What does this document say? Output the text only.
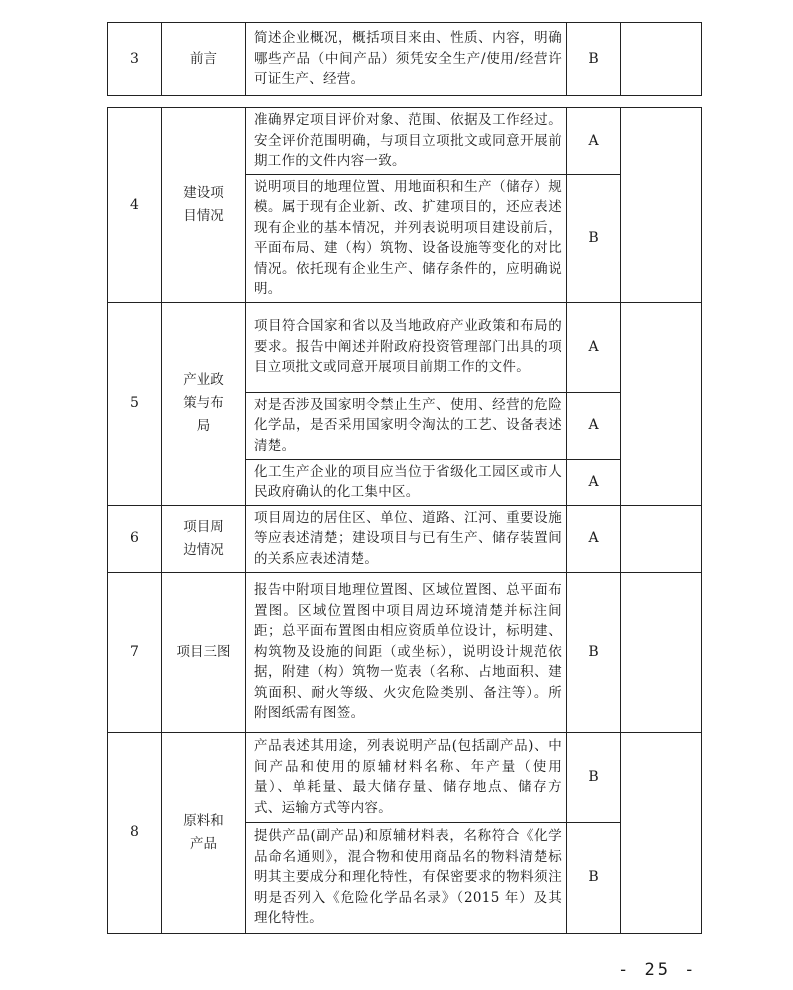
3	前言	简述企业概况，概括项目来由、性质、内容，明确哪些产品（中间产品）须凭安全生产/使用/经营许可证生产、经营。	B	
4	建设项目情况	准确界定项目评价对象、范围、依据及工作经过。安全评价范围明确，与项目立项批文或同意开展前期工作的文件内容一致。	A	
		说明项目的地理位置、用地面积和生产（储存）规模。属于现有企业新、改、扩建项目的，还应表述现有企业的基本情况，并列表说明项目建设前后，平面布局、建（构）筑物、设备设施等变化的对比情况。依托现有企业生产、储存条件的，应明确说明。	B	
5	产业政策与布局	项目符合国家和省以及当地政府产业政策和布局的要求。报告中阐述并附政府投资管理部门出具的项目立项批文或同意开展项目前期工作的文件。	A	
		对是否涉及国家明令禁止生产、使用、经营的危险化学品，是否采用国家明令淘汰的工艺、设备表述清楚。	A	
		化工生产企业的项目应当位于省级化工园区或市人民政府确认的化工集中区。	A	
6	项目周边情况	项目周边的居住区、单位、道路、江河、重要设施等应表述清楚；建设项目与已有生产、储存装置间的关系应表述清楚。	A	
7	项目三图	报告中附项目地理位置图、区域位置图、总平面布置图。区域位置图中项目周边环境清楚并标注间距；总平面布置图由相应资质单位设计，标明建、构筑物及设施的间距（或坐标），说明设计规范依据，附建（构）筑物一览表（名称、占地面积、建筑面积、耐火等级、火灾危险类别、备注等）。所附图纸需有图签。	B	
8	原料和产品	产品表述其用途，列表说明产品(包括副产品)、中间产品和使用的原辅材料名称、年产量（使用量）、单耗量、最大储存量、储存地点、储存方式、运输方式等内容。	B	
		提供产品(副产品)和原辅材料表，名称符合《化学品命名通则》，混合物和使用商品名的物料清楚标明其主要成分和理化特性，有保密要求的物料须注明是否列入《危险化学品名录》（2015 年）及其理化特性。	B	
- 25 -
